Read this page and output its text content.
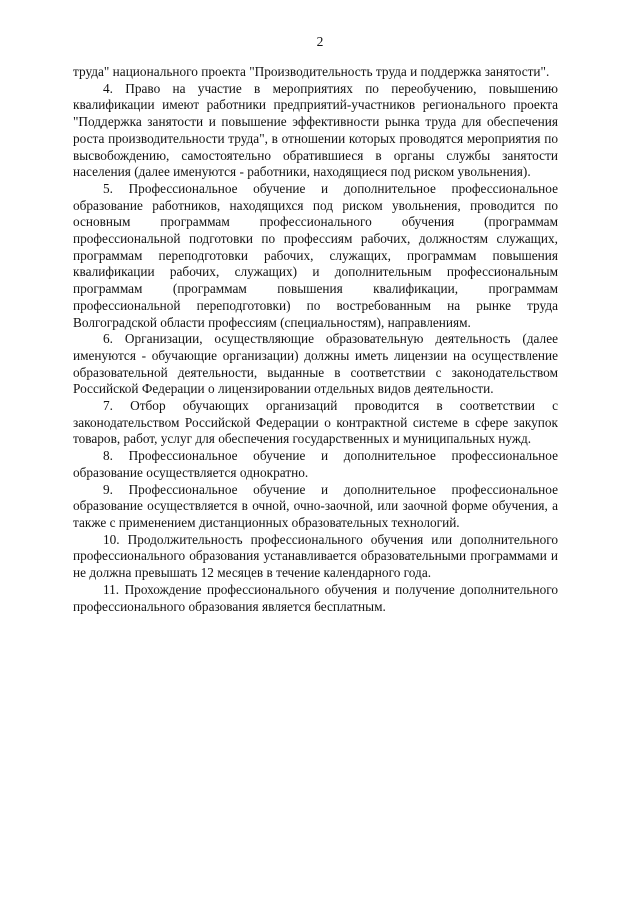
2

труда" национального проекта "Производительность труда и поддержка занятости".

4. Право на участие в мероприятиях по переобучению, повышению квалификации имеют работники предприятий-участников регионального проекта "Поддержка занятости и повышение эффективности рынка труда для обеспечения роста производительности труда", в отношении которых проводятся мероприятия по высвобождению, самостоятельно обратившиеся в органы службы занятости населения (далее именуются - работники, находящиеся под риском увольнения).

5. Профессиональное обучение и дополнительное профессиональное образование работников, находящихся под риском увольнения, проводится по основным программам профессионального обучения (программам профессиональной подготовки по профессиям рабочих, должностям служащих, программам переподготовки рабочих, служащих, программам повышения квалификации рабочих, служащих) и дополнительным профессиональным программам (программам повышения квалификации, программам профессиональной переподготовки) по востребованным на рынке труда Волгоградской области профессиям (специальностям), направлениям.

6. Организации, осуществляющие образовательную деятельность (далее именуются - обучающие организации) должны иметь лицензии на осуществление образовательной деятельности, выданные в соответствии с законодательством Российской Федерации о лицензировании отдельных видов деятельности.

7. Отбор обучающих организаций проводится в соответствии с законодательством Российской Федерации о контрактной системе в сфере закупок товаров, работ, услуг для обеспечения государственных и муниципальных нужд.

8. Профессиональное обучение и дополнительное профессиональное образование осуществляется однократно.

9. Профессиональное обучение и дополнительное профессиональное образование осуществляется в очной, очно-заочной, или заочной форме обучения, а также с применением дистанционных образовательных технологий.

10. Продолжительность профессионального обучения или дополнительного профессионального образования устанавливается образовательными программами и не должна превышать 12 месяцев в течение календарного года.

11. Прохождение профессионального обучения и получение дополнительного профессионального образования является бесплатным.
